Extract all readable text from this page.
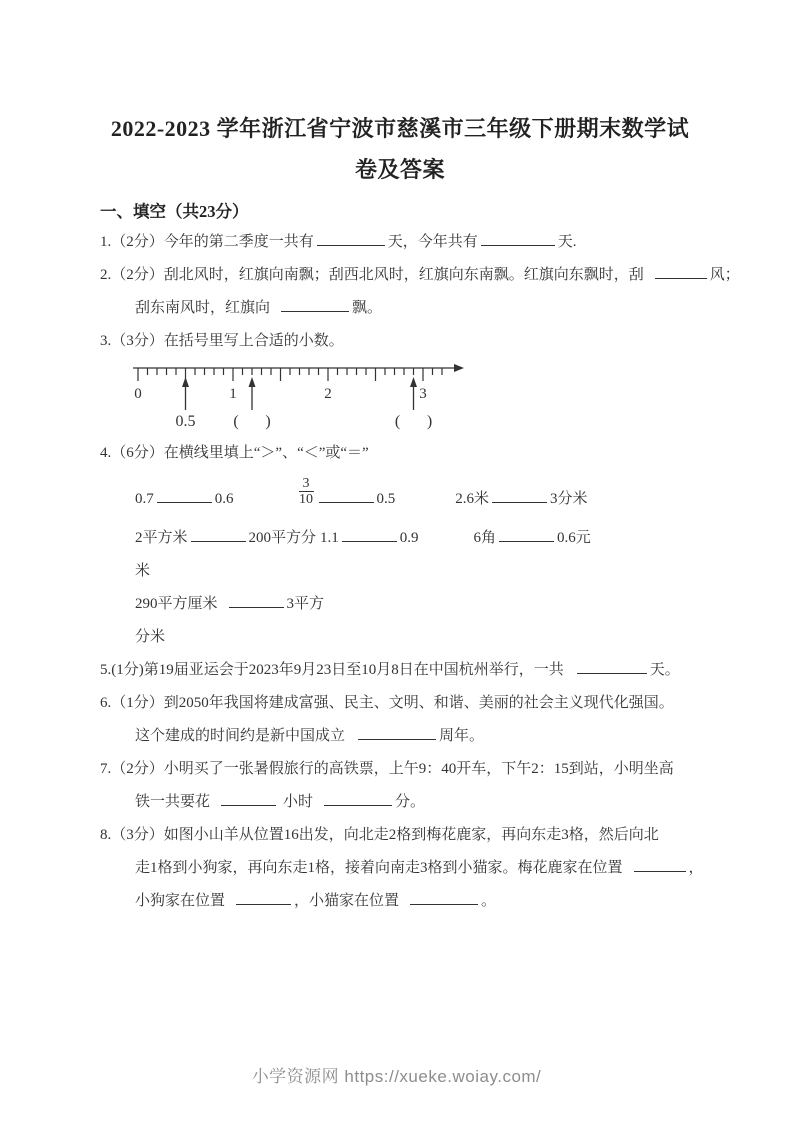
2022-2023 学年浙江省宁波市慈溪市三年级下册期末数学试
卷及答案
一、填空（共23分）
1.（2分）今年的第二季度一共有	天，今年共有	天.
2.（2分）刮北风时，红旗向南飘；刮西北风时，红旗向东南飘。红旗向东飘时，刮	风；
刮东南风时，红旗向	飘。
3.（3分）在括号里写上合适的小数。
0	1	2	3
0.5 ( )	( )
4.（6分）在横线里填上“＞”、“＜”或“＝”
0.7	0.6	$\frac{3}{10}$	0.5	2.6米	3分米
2平方米	200平方分 1.1	0.9	6角	0.6元
米
290平方厘米	3平方
分米
5.(1分)第19届亚运会于2023年9月23日至10月8日在中国杭州举行，一共	天。
6.（1分）到2050年我国将建成富强、民主、文明、和谐、美丽的社会主义现代化强国。
这个建成的时间约是新中国成立	周年。
7.（2分）小明买了一张暑假旅行的高铁票，上午9：40开车，下午2：15到站，小明坐高
铁一共要花	小时	分。
8.（3分）如图小山羊从位置16出发，向北走2格到梅花鹿家，再向东走3格，然后向北
走1格到小狗家，再向东走1格，接着向南走3格到小猫家。梅花鹿家在位置	，
小狗家在位置	，小猫家在位置	。
小学资源网 https://xueke.woiay.com/
